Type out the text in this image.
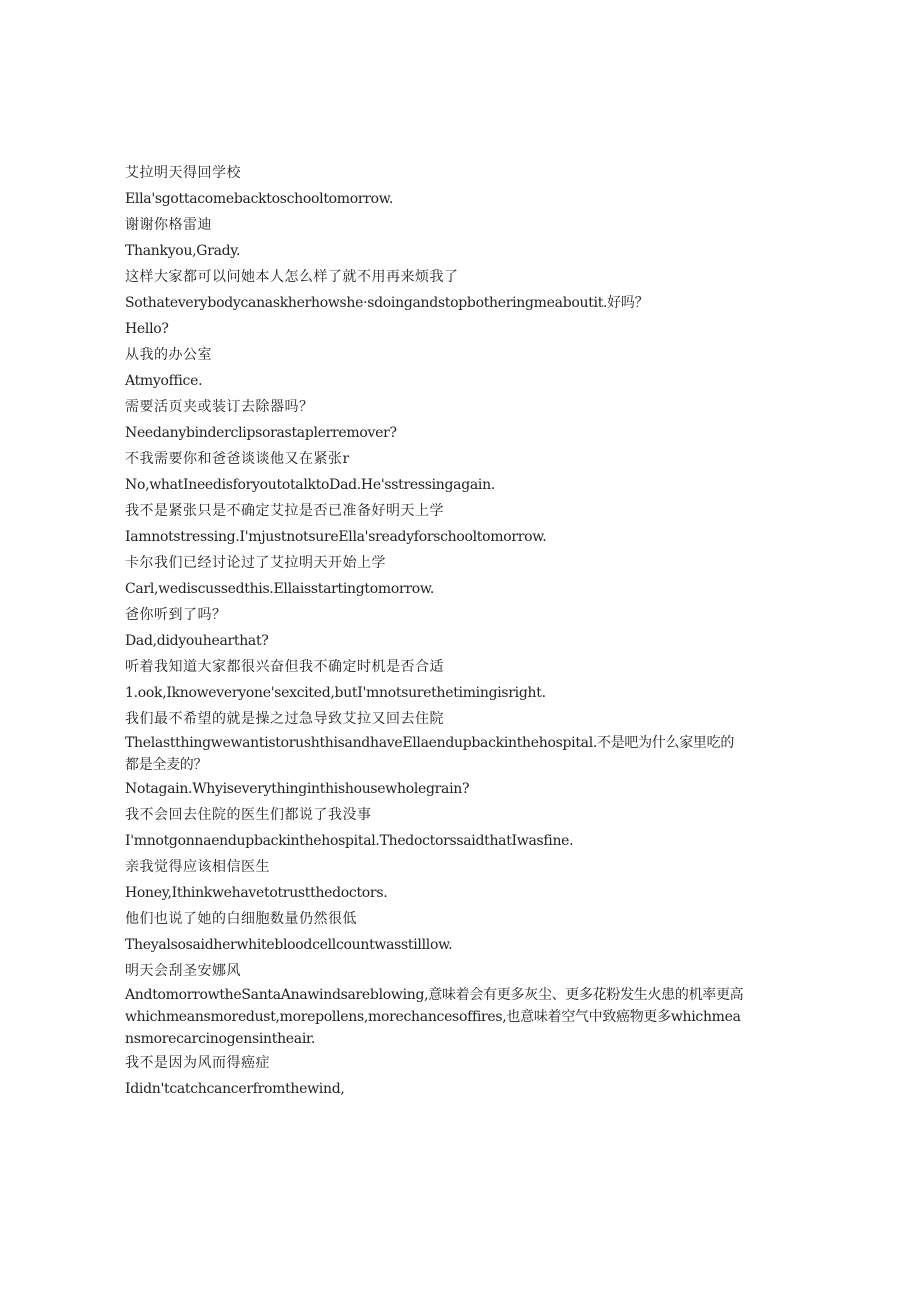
艾拉明天得回学校
Ella'sgottacomebacktoschooltomorrow.
谢谢你格雷迪
Thankyou,Grady.
这样大家都可以问她本人怎么样了就不用再来烦我了
Sothateverybodycanaskherhowshe·sdoingandstopbotheringmeaboutit.好吗？
Hello?
从我的办公室
Atmyoffice.
需要活页夹或装订去除器吗？
Needanybinderclipsorastaplerremover?
不我需要你和爸爸谈谈他又在紧张r
No,whatIneedisforyoutotalktoDad.He'sstressingagain.
我不是紧张只是不确定艾拉是否已准备好明天上学
Iamnotstressing.I'mjustnotsureElla'sreadyforschooltomorrow.
卡尔我们已经讨论过了艾拉明天开始上学
Carl,wediscussedthis.Ellaisstartingtomorrow.
爸你听到了吗？
Dad,didyouhearthat?
听着我知道大家都很兴奋但我不确定时机是否合适
1.ook,Iknoweveryone'sexcited,butI'mnotsurethetimingisright.
我们最不希望的就是操之过急导致艾拉又回去住院
ThelastthingwewantistorushthisandhaveEllaendupbackinthehospital.不是吧为什么家里吃的都是全麦的？
Notagain.Whyiseverythinginthishousewholegrain?
我不会回去住院的医生们都说了我没事
I'mnotgonnaendupbackinthehospital.ThedoctorssaidthatIwasfine.
亲我觉得应该相信医生
Honey,Ithinkwehavetotrustthedoctors.
他们也说了她的白细胞数量仍然很低
Theyalsosaidherwhitebloodcellcountwasstilllow.
明天会刮圣安娜风
AndtomorrowtheSantaAnawindsareblowing,意味着会有更多灰尘、更多花粉发生火患的机率更高 whichmeansmoredust,morepollens,morechancesoffires,也意味着空气中致癌物更多whichmeansmorecarcinogensintheair.
我不是因为风而得癌症
Ididn'tcatchcancerfromthewind,
